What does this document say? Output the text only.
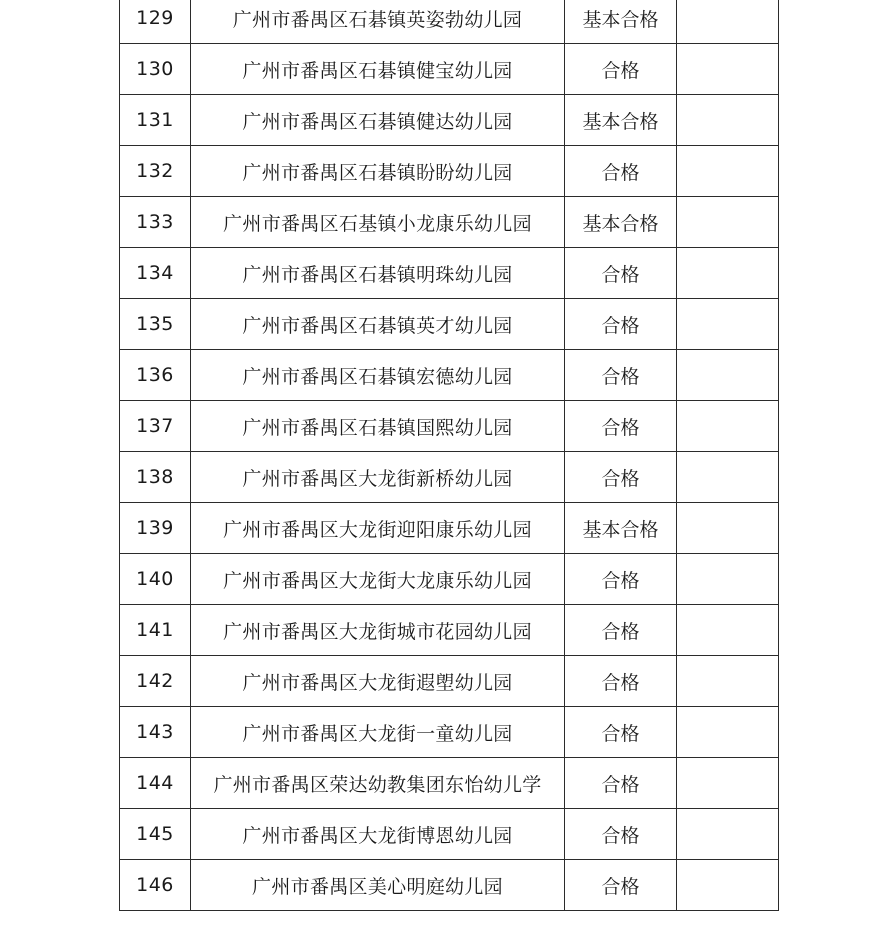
129	广州市番禺区石碁镇英姿勃幼儿园	基本合格	
130	广州市番禺区石碁镇健宝幼儿园	合格	
131	广州市番禺区石碁镇健达幼儿园	基本合格	
132	广州市番禺区石碁镇盼盼幼儿园	合格	
133	广州市番禺区石基镇小龙康乐幼儿园	基本合格	
134	广州市番禺区石碁镇明珠幼儿园	合格	
135	广州市番禺区石碁镇英才幼儿园	合格	
136	广州市番禺区石碁镇宏德幼儿园	合格	
137	广州市番禺区石碁镇国熙幼儿园	合格	
138	广州市番禺区大龙街新桥幼儿园	合格	
139	广州市番禺区大龙街迎阳康乐幼儿园	基本合格	
140	广州市番禺区大龙街大龙康乐幼儿园	合格	
141	广州市番禺区大龙街城市花园幼儿园	合格	
142	广州市番禺区大龙街遐塱幼儿园	合格	
143	广州市番禺区大龙街一童幼儿园	合格	
144	广州市番禺区荣达幼教集团东怡幼儿学	合格	
145	广州市番禺区大龙街博恩幼儿园	合格	
146	广州市番禺区美心明庭幼儿园	合格	
